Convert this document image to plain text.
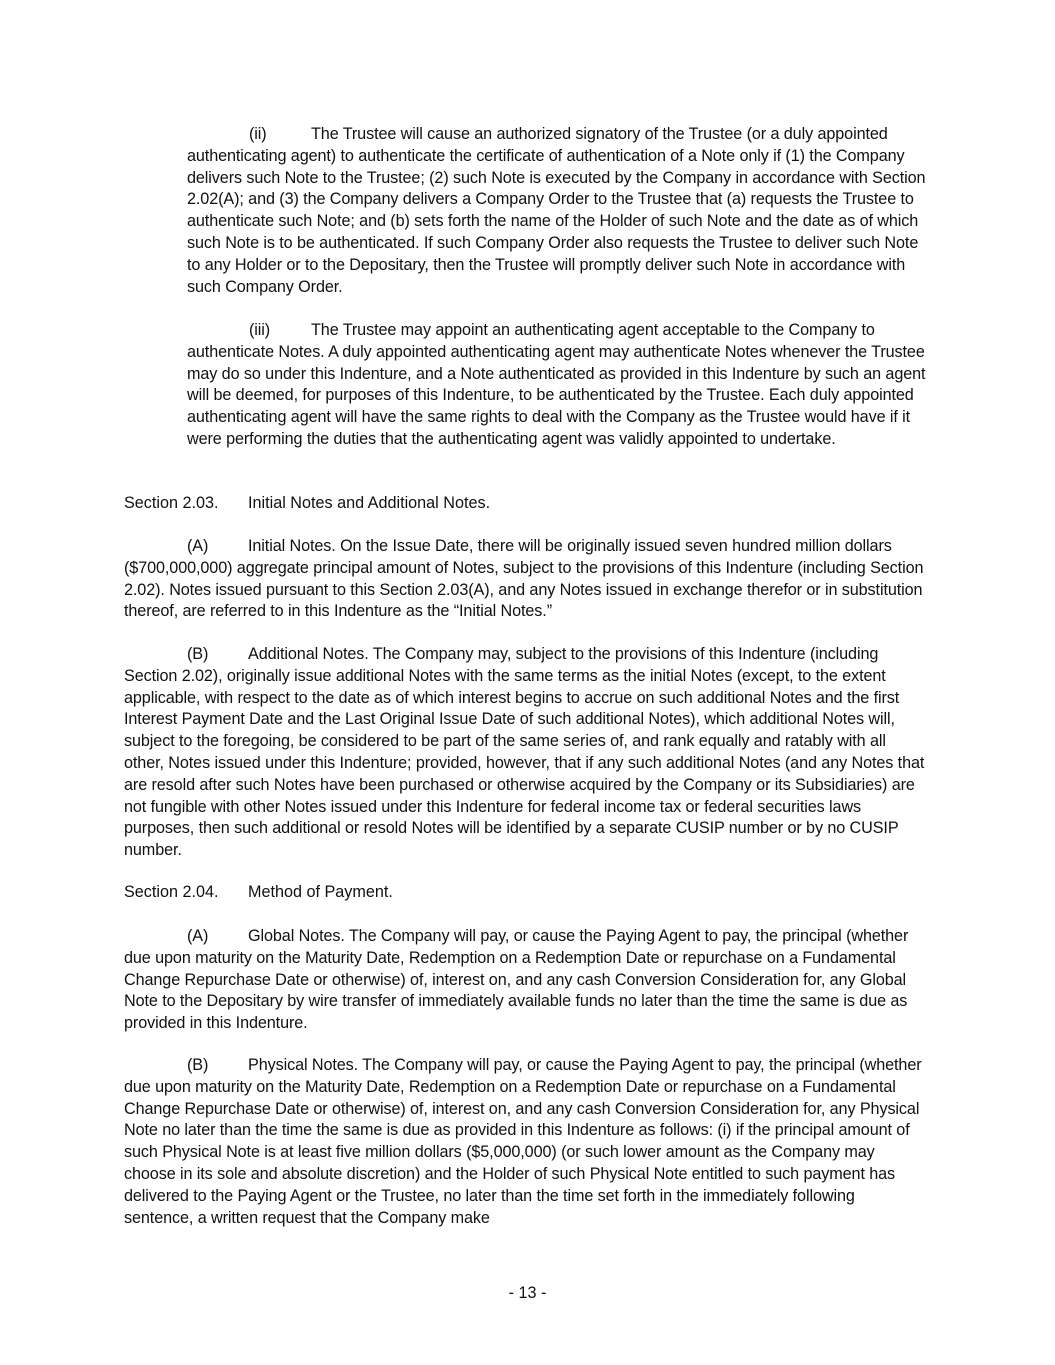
(ii)	The Trustee will cause an authorized signatory of the Trustee (or a duly appointed authenticating agent) to authenticate the certificate of authentication of a Note only if (1) the Company delivers such Note to the Trustee; (2) such Note is executed by the Company in accordance with Section 2.02(A); and (3) the Company delivers a Company Order to the Trustee that (a) requests the Trustee to authenticate such Note; and (b) sets forth the name of the Holder of such Note and the date as of which such Note is to be authenticated. If such Company Order also requests the Trustee to deliver such Note to any Holder or to the Depositary, then the Trustee will promptly deliver such Note in accordance with such Company Order.

(iii)	The Trustee may appoint an authenticating agent acceptable to the Company to authenticate Notes. A duly appointed authenticating agent may authenticate Notes whenever the Trustee may do so under this Indenture, and a Note authenticated as provided in this Indenture by such an agent will be deemed, for purposes of this Indenture, to be authenticated by the Trustee. Each duly appointed authenticating agent will have the same rights to deal with the Company as the Trustee would have if it were performing the duties that the authenticating agent was validly appointed to undertake.

Section 2.03. Initial Notes and Additional Notes.

(A) Initial Notes. On the Issue Date, there will be originally issued seven hundred million dollars ($700,000,000) aggregate principal amount of Notes, subject to the provisions of this Indenture (including Section 2.02). Notes issued pursuant to this Section 2.03(A), and any Notes issued in exchange therefor or in substitution thereof, are referred to in this Indenture as the “Initial Notes.”

(B) Additional Notes. The Company may, subject to the provisions of this Indenture (including Section 2.02), originally issue additional Notes with the same terms as the initial Notes (except, to the extent applicable, with respect to the date as of which interest begins to accrue on such additional Notes and the first Interest Payment Date and the Last Original Issue Date of such additional Notes), which additional Notes will, subject to the foregoing, be considered to be part of the same series of, and rank equally and ratably with all other, Notes issued under this Indenture; provided, however, that if any such additional Notes (and any Notes that are resold after such Notes have been purchased or otherwise acquired by the Company or its Subsidiaries) are not fungible with other Notes issued under this Indenture for federal income tax or federal securities laws purposes, then such additional or resold Notes will be identified by a separate CUSIP number or by no CUSIP number.

Section 2.04. Method of Payment.

(A) Global Notes. The Company will pay, or cause the Paying Agent to pay, the principal (whether due upon maturity on the Maturity Date, Redemption on a Redemption Date or repurchase on a Fundamental Change Repurchase Date or otherwise) of, interest on, and any cash Conversion Consideration for, any Global Note to the Depositary by wire transfer of immediately available funds no later than the time the same is due as provided in this Indenture.

(B) Physical Notes. The Company will pay, or cause the Paying Agent to pay, the principal (whether due upon maturity on the Maturity Date, Redemption on a Redemption Date or repurchase on a Fundamental Change Repurchase Date or otherwise) of, interest on, and any cash Conversion Consideration for, any Physical Note no later than the time the same is due as provided in this Indenture as follows: (i) if the principal amount of such Physical Note is at least five million dollars ($5,000,000) (or such lower amount as the Company may choose in its sole and absolute discretion) and the Holder of such Physical Note entitled to such payment has delivered to the Paying Agent or the Trustee, no later than the time set forth in the immediately following sentence, a written request that the Company make

- 13 -
